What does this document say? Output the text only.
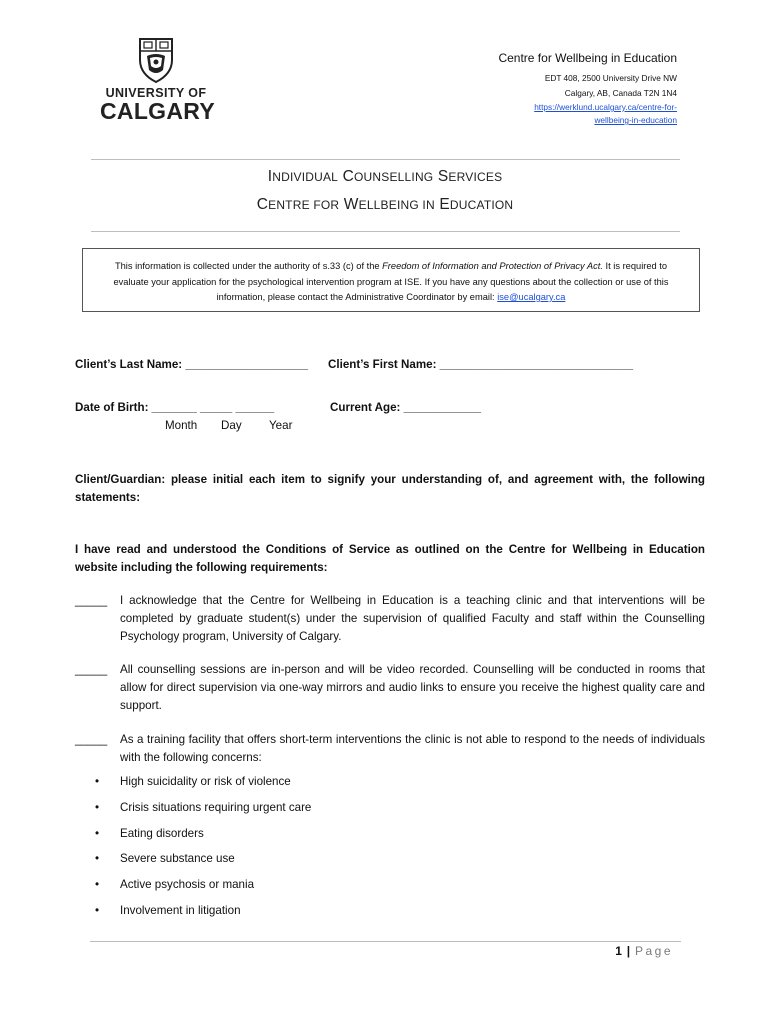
UNIVERSITY OF
CALGARY
Centre for Wellbeing in Education
EDT 408, 2500 University Drive NW
Calgary, AB, Canada T2N 1N4
https://werklund.ucalgary.ca/centre-for-
wellbeing-in-education
INDIVIDUAL COUNSELLING SERVICES
CENTRE FOR WELLBEING IN EDUCATION
This information is collected under the authority of s.33 (c) of the Freedom of Information and Protection of Privacy Act. It is required to evaluate your application for the psychological intervention program at ISE. If you have any questions about the collection or use of this information, please contact the Administrative Coordinator by email: ise@ucalgary.ca
Client’s Last Name: ___________________ Client’s First Name: ______________________________
Date of Birth: _______ _____ ______	Current Age: ____________
Month Day Year
Client/Guardian: please initial each item to signify your understanding of, and agreement with, the following statements:
I have read and understood the Conditions of Service as outlined on the Centre for Wellbeing in Education website including the following requirements:
_____ I acknowledge that the Centre for Wellbeing in Education is a teaching clinic and that interventions will be completed by graduate student(s) under the supervision of qualified Faculty and staff within the Counselling Psychology program, University of Calgary.
_____ All counselling sessions are in-person and will be video recorded. Counselling will be conducted in rooms that allow for direct supervision via one-way mirrors and audio links to ensure you receive the highest quality care and support.
_____ As a training facility that offers short-term interventions the clinic is not able to respond to the needs of individuals with the following concerns:
• High suicidality or risk of violence
• Crisis situations requiring urgent care
• Eating disorders
• Severe substance use
• Active psychosis or mania
• Involvement in litigation
1 | Page
